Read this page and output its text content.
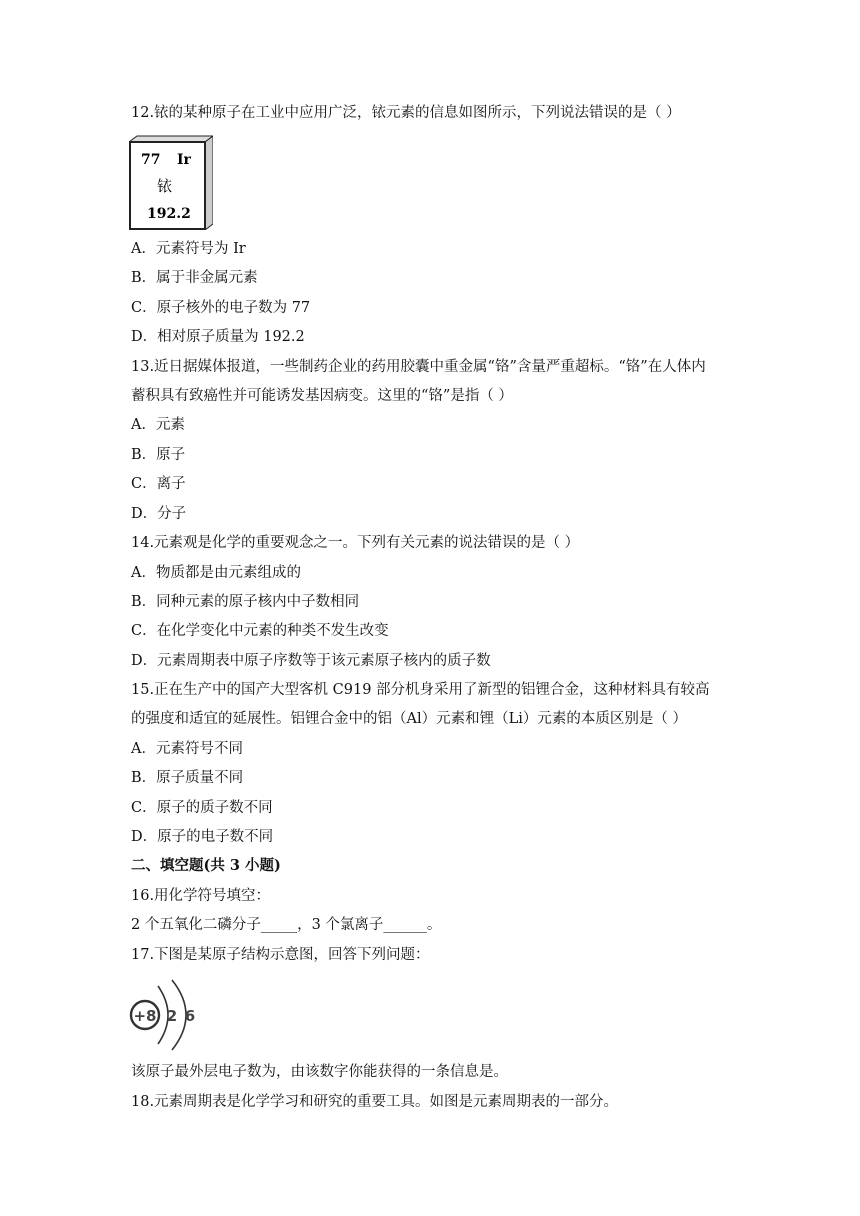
12.铱的某种原子在工业中应用广泛，铱元素的信息如图所示，下列说法错误的是（ ）
77 Ir
铱
192.2
A．元素符号为 Ir
B．属于非金属元素
C．原子核外的电子数为 77
D．相对原子质量为 192.2
13.近日据媒体报道，一些制药企业的药用胶囊中重金属“铬”含量严重超标。“铬”在人体内
蓄积具有致癌性并可能诱发基因病变。这里的“铬”是指（ ）
A．元素
B．原子
C．离子
D．分子
14.元素观是化学的重要观念之一。下列有关元素的说法错误的是（ ）
A．物质都是由元素组成的
B．同种元素的原子核内中子数相同
C．在化学变化中元素的种类不发生改变
D．元素周期表中原子序数等于该元素原子核内的质子数
15.正在生产中的国产大型客机 C919 部分机身采用了新型的铝锂合金，这种材料具有较高
的强度和适宜的延展性。铝锂合金中的铝（Al）元素和锂（Li）元素的本质区别是（ ）
A．元素符号不同
B．原子质量不同
C．原子的质子数不同
D．原子的电子数不同
二、填空题(共 3 小题)
16.用化学符号填空：
2 个五氧化二磷分子_____，3 个氯离子______。
17.下图是某原子结构示意图，回答下列问题：
+8 2 6
该原子最外层电子数为，由该数字你能获得的一条信息是。
18.元素周期表是化学学习和研究的重要工具。如图是元素周期表的一部分。
